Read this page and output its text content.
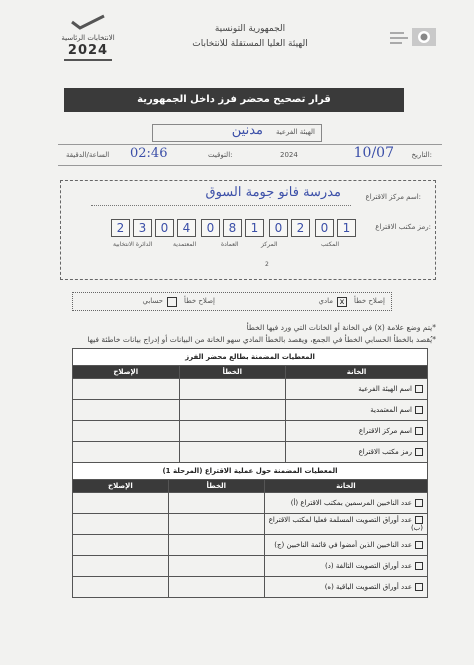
الانتخابات الرئاسية
2024
الجمهورية التونسية
الهيئة العليا المستقلة للانتخابات
قرار تصحيح محضر فرز داخل الجمهورية
الهيئة الفرعية
مدنين
التاريخ:
10/07
2024
التوقيت:
02:46
الساعة/الدقيقة
اسم مركز الاقتراع:
مدرسة فانو جومة السوق
رمز مكتب الاقتراع:
2	3	0	4	0	8	1	0	2	0	1
الدائرة الانتخابية	المعتمدية	العمادة	المركز	المكتب
2
إصلاح خطأ
x
مادي
إصلاح خطأ
حسابي
*يتم وضع علامة (x) في الخانة أو الخانات التي ورد فيها الخطأ
*يُقصد بالخطأ الحسابي الخطأ في الجمع، ويقصد بالخطأ المادي سهو الخانة من البيانات أو إدراج بيانات خاطئة فيها
المعطيات المضمنة بطالع محضر الفرز		
الخانة	الخطأ	الإصلاح
اسم الهيئة الفرعية		
اسم المعتمدية		
اسم مركز الاقتراع		
رمز مكتب الاقتراع		
المعطيات المضمنة حول عملية الاقتراع (المرحلة 1)		
الخانة	الخطأ	الإصلاح
عدد الناخبين المرسمين بمكتب الاقتراع (أ)		
عدد أوراق التصويت المسلمة فعليا لمكتب الاقتراع (ب)		
عدد الناخبين الذين أمضوا في قائمة الناخبين (ج)		
عدد أوراق التصويت التالفة (د)		
عدد أوراق التصويت الباقية (ه)		
